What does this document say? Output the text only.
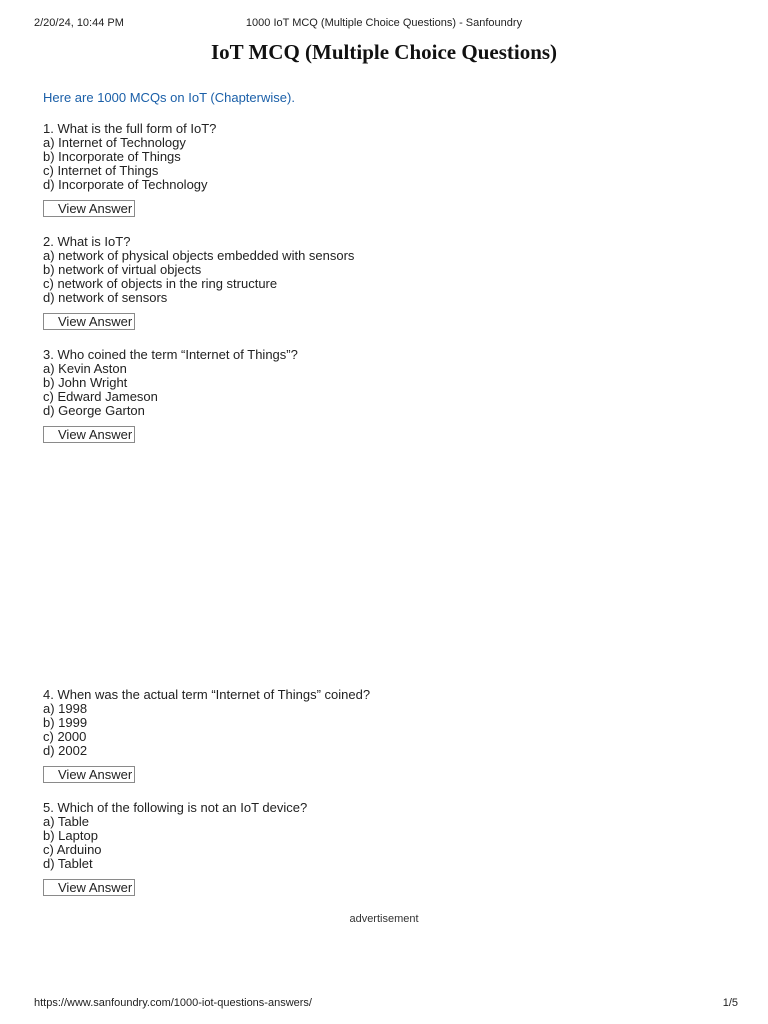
2/20/24, 10:44 PM	1000 IoT MCQ (Multiple Choice Questions) - Sanfoundry
IoT MCQ (Multiple Choice Questions)
Here are 1000 MCQs on IoT (Chapterwise).
1. What is the full form of IoT?
a) Internet of Technology
b) Incorporate of Things
c) Internet of Things
d) Incorporate of Technology
View Answer
2. What is IoT?
a) network of physical objects embedded with sensors
b) network of virtual objects
c) network of objects in the ring structure
d) network of sensors
View Answer
3. Who coined the term “Internet of Things”?
a) Kevin Aston
b) John Wright
c) Edward Jameson
d) George Garton
View Answer
4. When was the actual term “Internet of Things” coined?
a) 1998
b) 1999
c) 2000
d) 2002
View Answer
5. Which of the following is not an IoT device?
a) Table
b) Laptop
c) Arduino
d) Tablet
View Answer
advertisement
https://www.sanfoundry.com/1000-iot-questions-answers/	1/5
